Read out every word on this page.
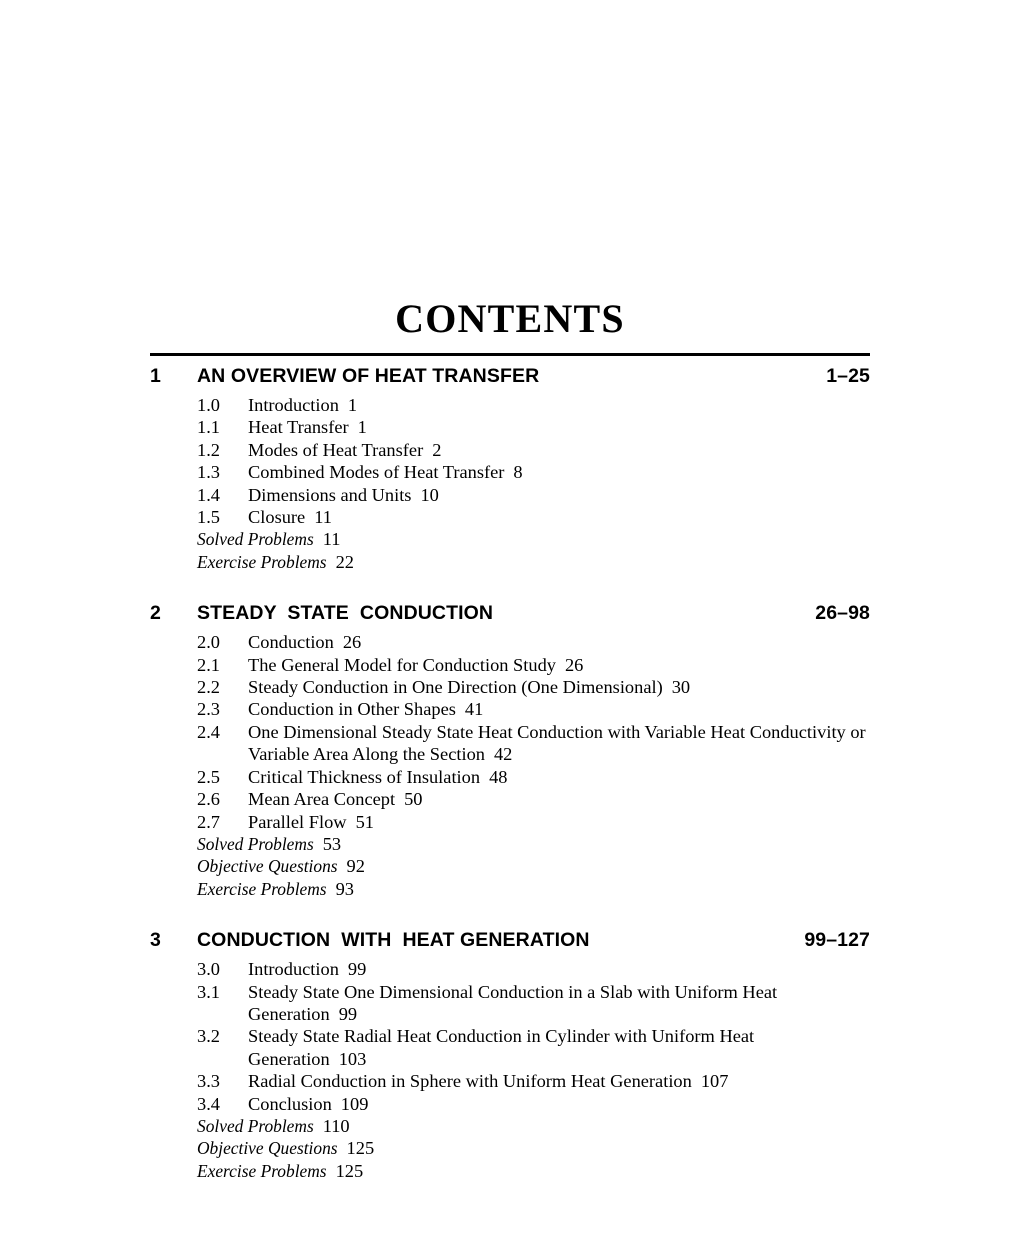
CONTENTS
1	AN OVERVIEW OF HEAT TRANSFER	1–25
1.0	Introduction 1
1.1	Heat Transfer 1
1.2	Modes of Heat Transfer 2
1.3	Combined Modes of Heat Transfer 8
1.4	Dimensions and Units 10
1.5	Closure 11
Solved Problems 11
Exercise Problems 22
2	STEADY  STATE  CONDUCTION	26–98
2.0	Conduction 26
2.1	The General Model for Conduction Study 26
2.2	Steady Conduction in One Direction (One Dimensional) 30
2.3	Conduction in Other Shapes 41
2.4	One Dimensional Steady State Heat Conduction with Variable Heat Conductivity or Variable Area Along the Section 42
2.5	Critical Thickness of Insulation 48
2.6	Mean Area Concept 50
2.7	Parallel Flow 51
Solved Problems 53
Objective Questions 92
Exercise Problems 93
3	CONDUCTION  WITH  HEAT GENERATION	99–127
3.0	Introduction 99
3.1	Steady State One Dimensional Conduction in a Slab with Uniform Heat Generation 99
3.2	Steady State Radial Heat Conduction in Cylinder with Uniform Heat Generation 103
3.3	Radial Conduction in Sphere with Uniform Heat Generation 107
3.4	Conclusion 109
Solved Problems 110
Objective Questions 125
Exercise Problems 125
